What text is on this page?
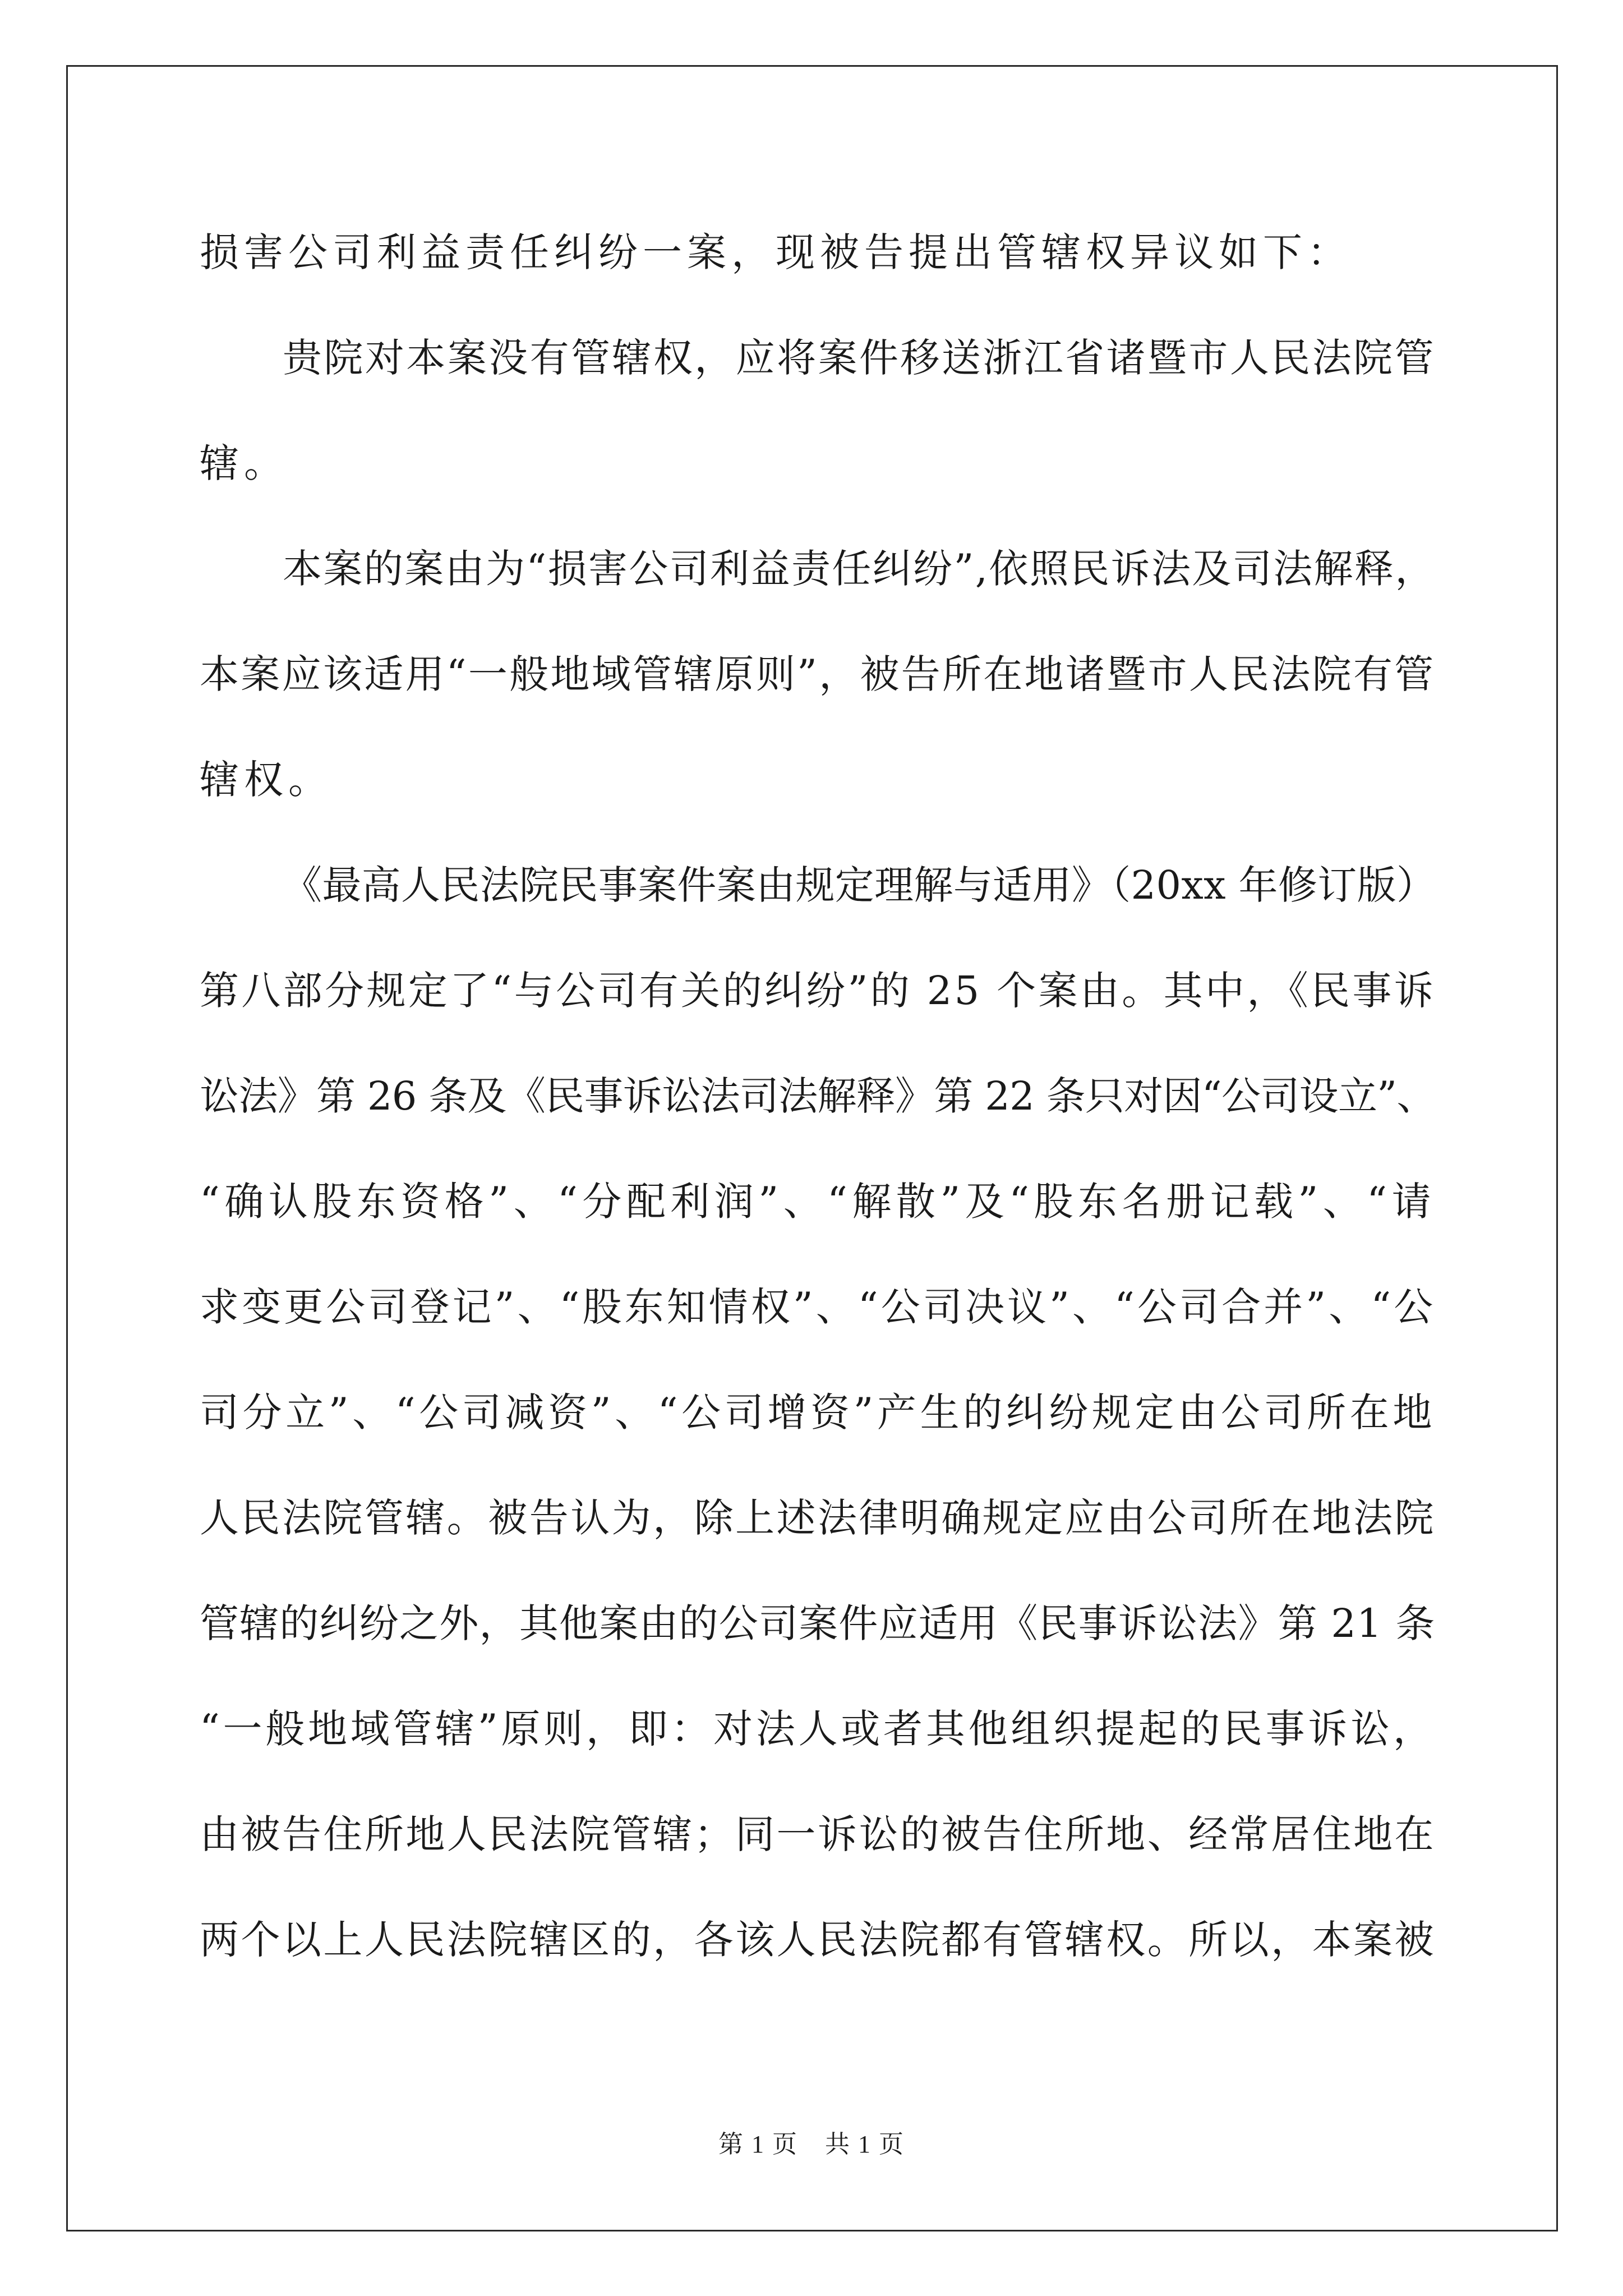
损害公司利益责任纠纷一案，现被告提出管辖权异议如下：
贵院对本案没有管辖权，应将案件移送浙江省诸暨市人民法院管
辖。
本案的案由为“损害公司利益责任纠纷”,依照民诉法及司法解释，
本案应该适用“一般地域管辖原则”，被告所在地诸暨市人民法院有管
辖权。
《最高人民法院民事案件案由规定理解与适用》（20xx 年修订版）
第八部分规定了“与公司有关的纠纷”的 25 个案由。其中，《民事诉
讼法》第 26 条及《民事诉讼法司法解释》第 22 条只对因“公司设立”、
“确认股东资格”、“分配利润”、“解散”及“股东名册记载”、“请
求变更公司登记”、“股东知情权”、“公司决议”、“公司合并”、“公
司分立”、“公司减资”、“公司增资”产生的纠纷规定由公司所在地
人民法院管辖。被告认为，除上述法律明确规定应由公司所在地法院
管辖的纠纷之外，其他案由的公司案件应适用《民事诉讼法》第 21 条
“一般地域管辖”原则，即：对法人或者其他组织提起的民事诉讼，
由被告住所地人民法院管辖；同一诉讼的被告住所地、经常居住地在
两个以上人民法院辖区的，各该人民法院都有管辖权。所以，本案被
第 1 页 共 1 页
